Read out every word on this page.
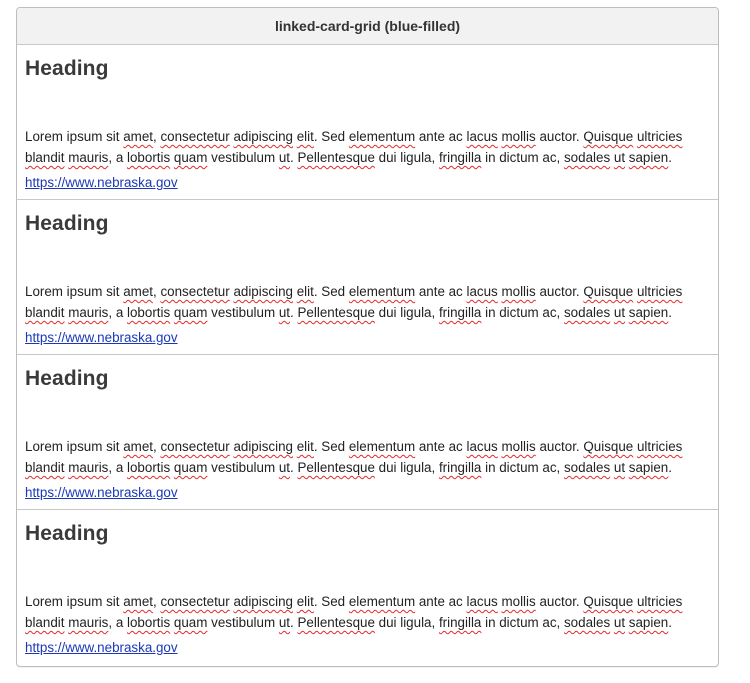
linked-card-grid (blue-filled)
Heading

Lorem ipsum sit amet, consectetur adipiscing elit. Sed elementum ante ac lacus mollis auctor. Quisque ultricies blandit mauris, a lobortis quam vestibulum ut. Pellentesque dui ligula, fringilla in dictum ac, sodales ut sapien.

https://www.nebraska.gov
Heading

Lorem ipsum sit amet, consectetur adipiscing elit. Sed elementum ante ac lacus mollis auctor. Quisque ultricies blandit mauris, a lobortis quam vestibulum ut. Pellentesque dui ligula, fringilla in dictum ac, sodales ut sapien.

https://www.nebraska.gov
Heading

Lorem ipsum sit amet, consectetur adipiscing elit. Sed elementum ante ac lacus mollis auctor. Quisque ultricies blandit mauris, a lobortis quam vestibulum ut. Pellentesque dui ligula, fringilla in dictum ac, sodales ut sapien.

https://www.nebraska.gov
Heading

Lorem ipsum sit amet, consectetur adipiscing elit. Sed elementum ante ac lacus mollis auctor. Quisque ultricies blandit mauris, a lobortis quam vestibulum ut. Pellentesque dui ligula, fringilla in dictum ac, sodales ut sapien.

https://www.nebraska.gov
